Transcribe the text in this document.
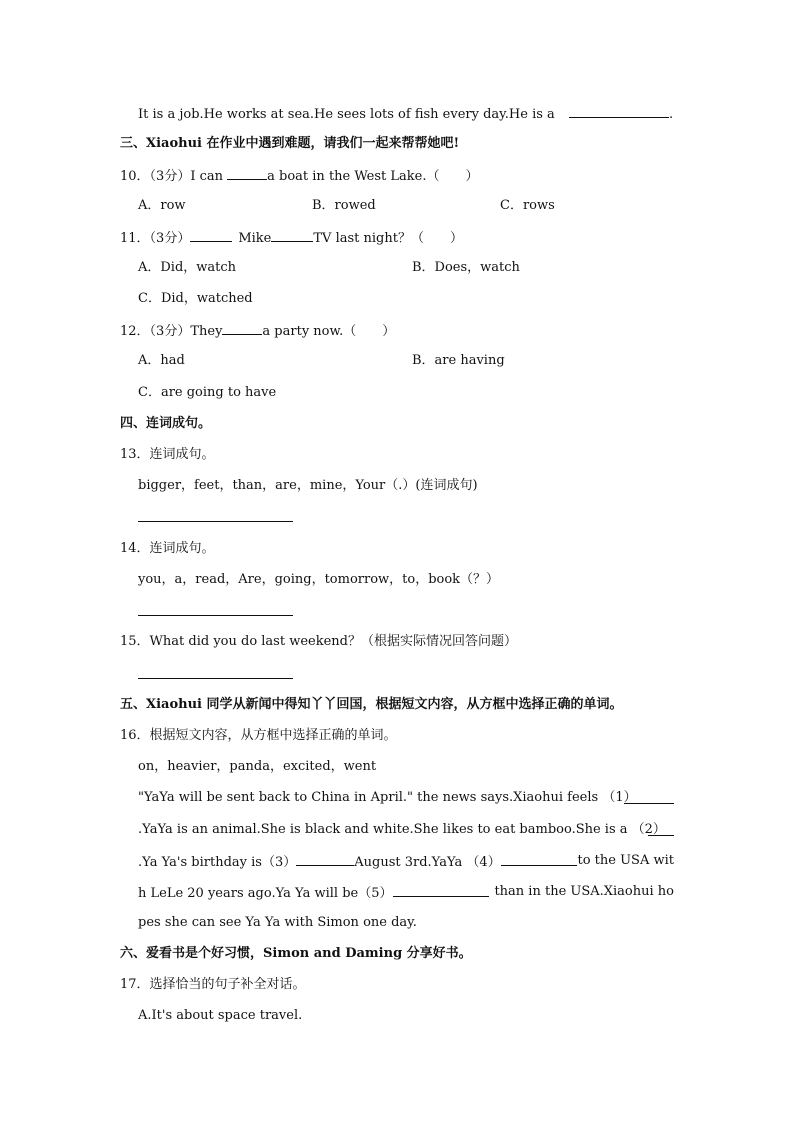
It is a job.He works at sea.He sees lots of fish every day.He is a	.
三、Xiaohui 在作业中遇到难题，请我们一起来帮帮她吧!
10．（3分）I can	a boat in the West Lake.（　　）
A．row	B．rowed	C．rows
11．（3分）	Mike	TV last night？（　　）
A．Did，watch	B．Does，watch
C．Did，watched
12．（3分）They	a party now.（　　）
A．had	B．are having
C．are going to have
四、连词成句。
13．连词成句。
bigger，feet，than，are，mine，Your（.）(连词成句)
14．连词成句。
you，a，read，Are，going，tomorrow，to，book（？）
15．What did you do last weekend？（根据实际情况回答问题）
五、Xiaohui 同学从新闻中得知丫丫回国，根据短文内容，从方框中选择正确的单词。
16．根据短文内容，从方框中选择正确的单词。
on，heavier，panda，excited，went
"YaYa will be sent back to China in April." the news says.Xiaohui feels （1）
.YaYa is an animal.She is black and white.She likes to eat bamboo.She is a （2）
.Ya Ya's birthday is（3）	August 3rd.YaYa （4）	to the USA wit
h LeLe 20 years ago.Ya Ya will be（5）	than in the USA.Xiaohui ho
pes she can see Ya Ya with Simon one day.
六、爱看书是个好习惯，Simon and Daming 分享好书。
17．选择恰当的句子补全对话。
A.It's about space travel.
